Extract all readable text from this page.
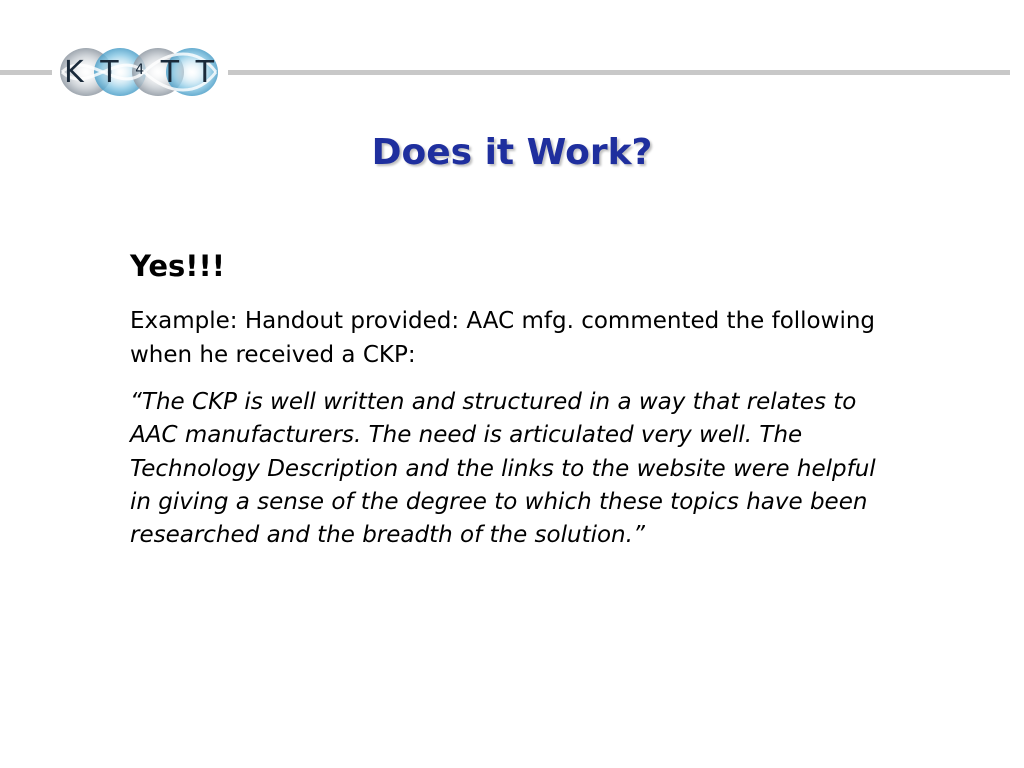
K T 4 T T
Does it Work?

Yes!!!

Example: Handout provided: AAC mfg. commented the following when he received a CKP:

“The CKP is well written and structured in a way that relates to AAC manufacturers. The need is articulated very well. The Technology Description and the links to the website were helpful in giving a sense of the degree to which these topics have been researched and the breadth of the solution.”
